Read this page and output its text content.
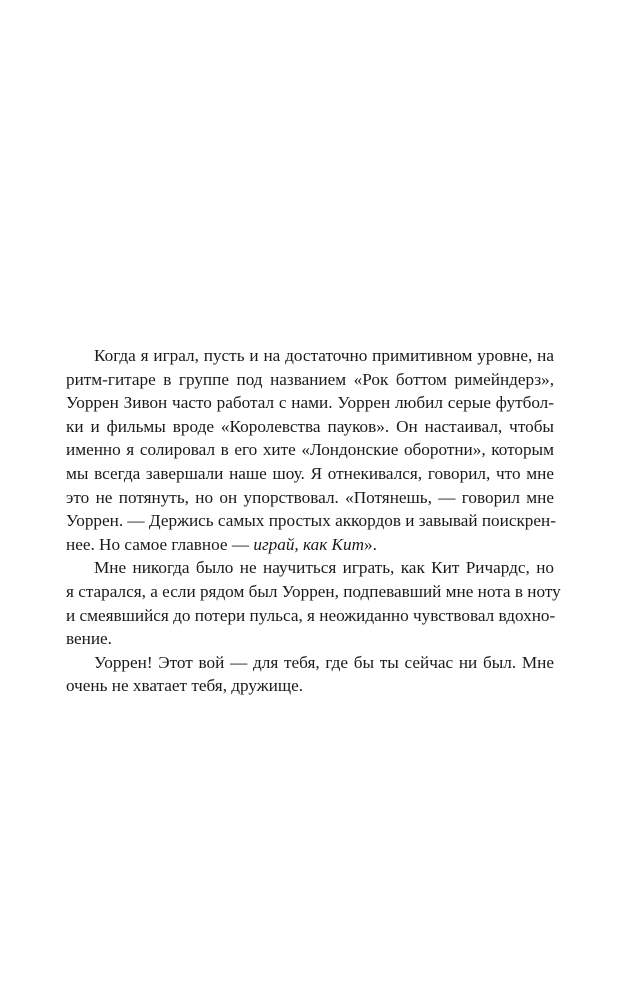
Когда я играл, пусть и на достаточно примитивном уровне, на
ритм-гитаре в группе под названием «Рок боттом римейндерз»,
Уоррен Зивон часто работал с нами. Уоррен любил серые футбол-
ки и фильмы вроде «Королевства пауков». Он настаивал, чтобы
именно я солировал в его хите «Лондонские оборотни», которым
мы всегда завершали наше шоу. Я отнекивался, говорил, что мне
это не потянуть, но он упорствовал. «Потянешь, — говорил мне
Уоррен. — Держись самых простых аккордов и завывай поискрен-
нее. Но самое главное — играй, как Кит».
Мне никогда было не научиться играть, как Кит Ричардс, но
я старался, а если рядом был Уоррен, подпевавший мне нота в ноту
и смеявшийся до потери пульса, я неожиданно чувствовал вдохно-
вение.
Уоррен! Этот вой — для тебя, где бы ты сейчас ни был. Мне
очень не хватает тебя, дружище.
